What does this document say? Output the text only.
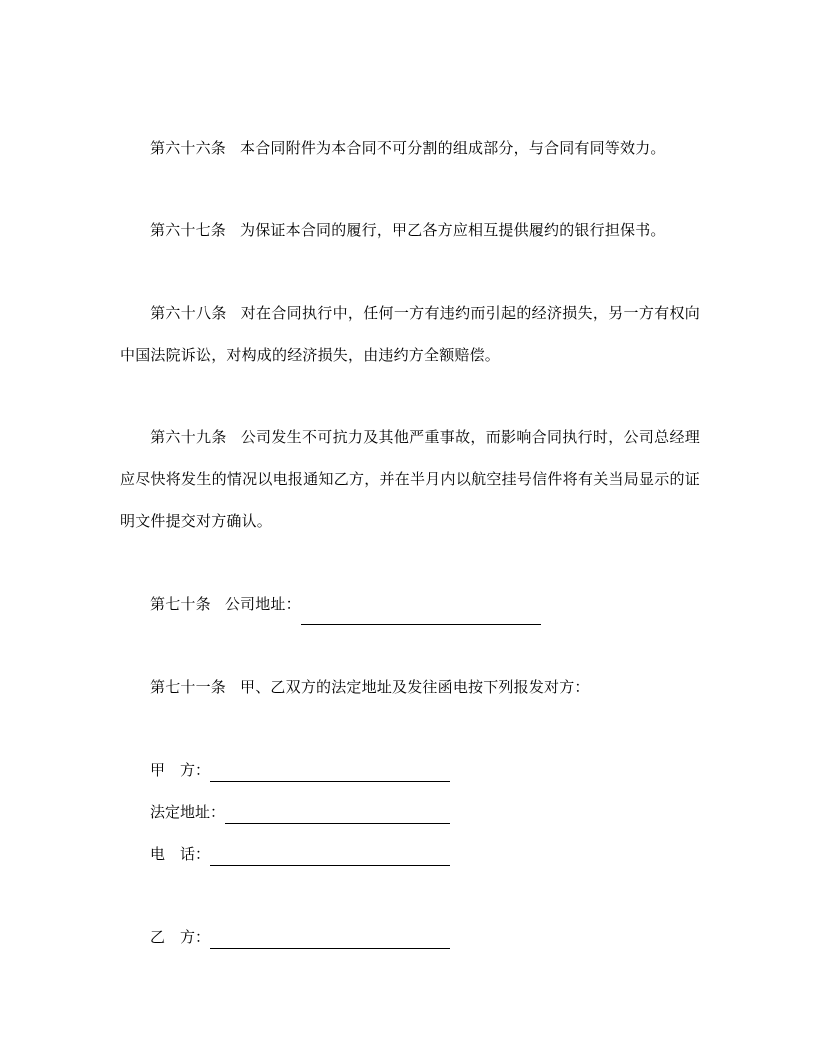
第六十六条 本合同附件为本合同不可分割的组成部分，与合同有同等效力。
第六十七条 为保证本合同的履行，甲乙各方应相互提供履约的银行担保书。
第六十八条 对在合同执行中，任何一方有违约而引起的经济损失，另一方有权向中国法院诉讼，对构成的经济损失，由违约方全额赔偿。
第六十九条 公司发生不可抗力及其他严重事故，而影响合同执行时，公司总经理应尽快将发生的情况以电报通知乙方，并在半月内以航空挂号信件将有关当局显示的证明文件提交对方确认。
第七十条 公司地址：
第七十一条 甲、乙双方的法定地址及发往函电按下列报发对方：
甲　方：
法定地址：
电　话：
乙　方：
